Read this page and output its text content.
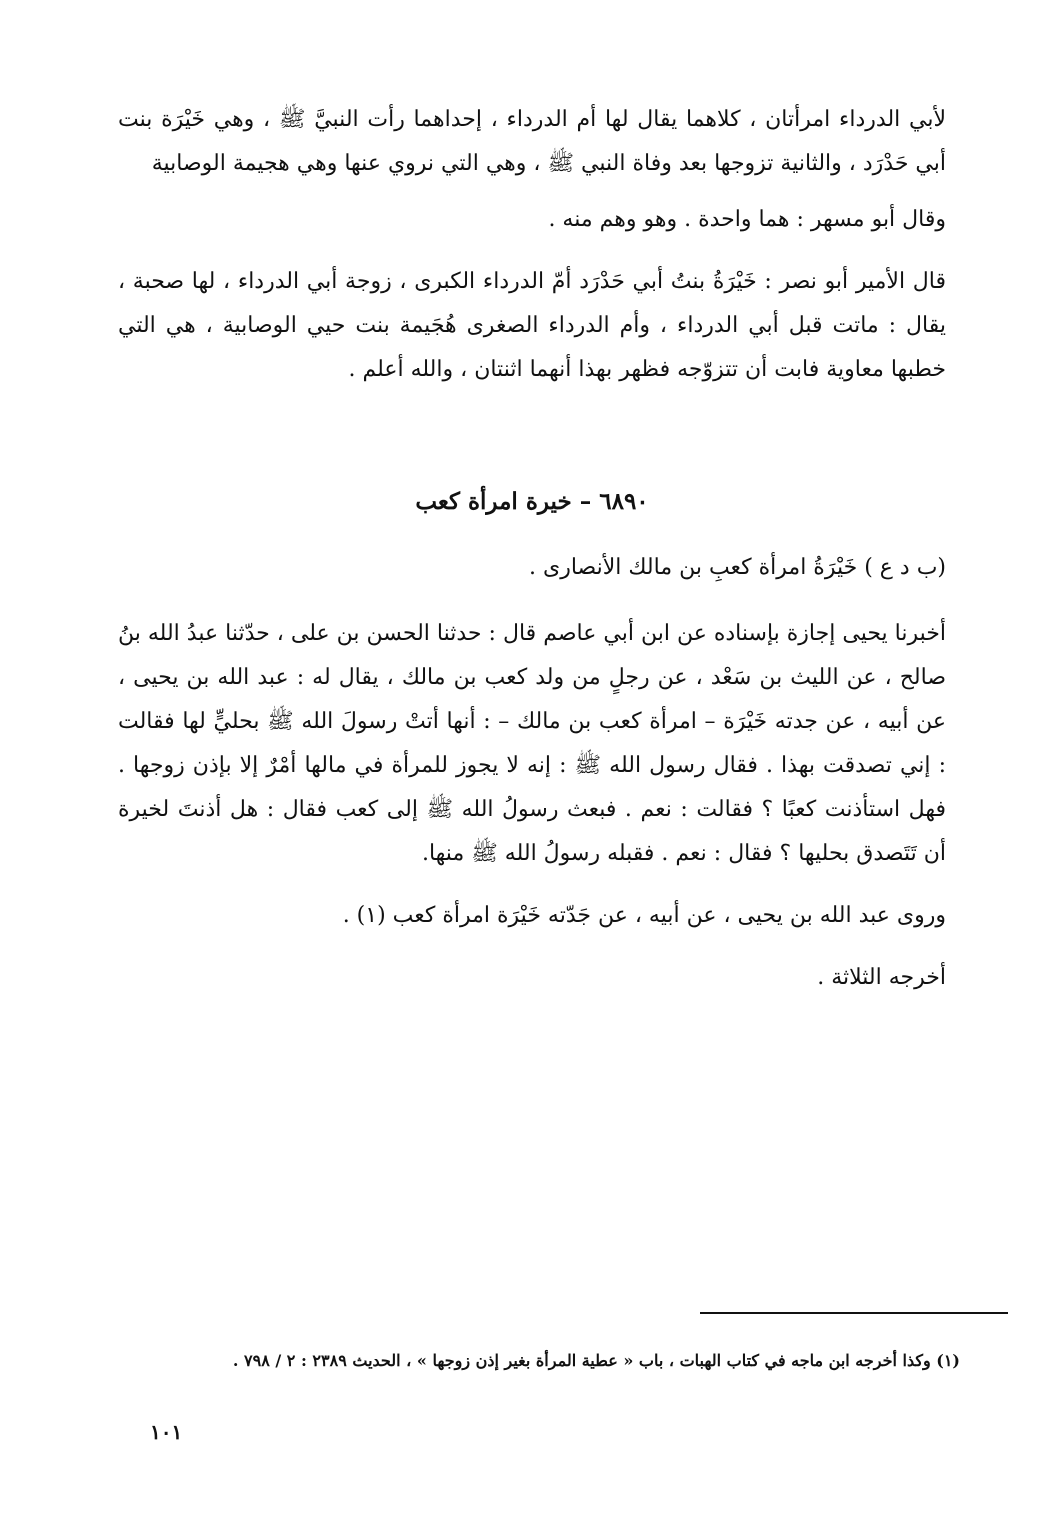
لأبي الدرداء امرأتان ، كلاهما يقال لها أم الدرداء ، إحداهما رأت النبيَّ ﷺ ، وهي خَيْرَة بنت أبي حَدْرَد ، والثانية تزوجها بعد وفاة النبي ﷺ ، وهي التي نروي عنها وهي هجيمة الوصابية

وقال أبو مسهر : هما واحدة . وهو وهم منه .

قال الأمير أبو نصر : خَيْرَةُ بنتُ أبي حَدْرَد أمّ الدرداء الكبرى ، زوجة أبي الدرداء ، لها صحبة ، يقال : ماتت قبل أبي الدرداء ، وأم الدرداء الصغرى هُجَيمة بنت حيي الوصابية ، هي التي خطبها معاوية فابت أن تتزوّجه فظهر بهذا أنهما اثنتان ، والله أعلم .

٦٨٩٠ – خيرة امرأة كعب

(ب د ع ) خَيْرَةُ امرأة كعبِ بن مالك الأنصارى .

أخبرنا يحيى إجازة بإسناده عن ابن أبي عاصم قال : حدثنا الحسن بن على ، حدّثنا عبدُ الله بنُ صالح ، عن الليث بن سَعْد ، عن رجلٍ من ولد كعب بن مالك ، يقال له : عبد الله بن يحيى ، عن أبيه ، عن جدته خَيْرَة – امرأة كعب بن مالك – : أنها أتتْ رسولَ الله ﷺ بحليٍّ لها فقالت : إني تصدقت بهذا . فقال رسول الله ﷺ : إنه لا يجوز للمرأة في مالها أمْرٌ إلا بإذن زوجها . فهل استأذنت كعبًا ؟ فقالت : نعم . فبعث رسولُ الله ﷺ إلى كعب فقال : هل أذنتَ لخيرة أن تَتَصدق بحليها ؟ فقال : نعم . فقبله رسولُ الله ﷺ منها.

وروى عبد الله بن يحيى ، عن أبيه ، عن جَدّته خَيْرَة امرأة كعب (١) .

أخرجه الثلاثة .

(١) وكذا أخرجه ابن ماجه في كتاب الهبات ، باب « عطية المرأة بغير إذن زوجها » ، الحديث ٢٣٨٩ : ٢ / ٧٩٨ .
١٠١
